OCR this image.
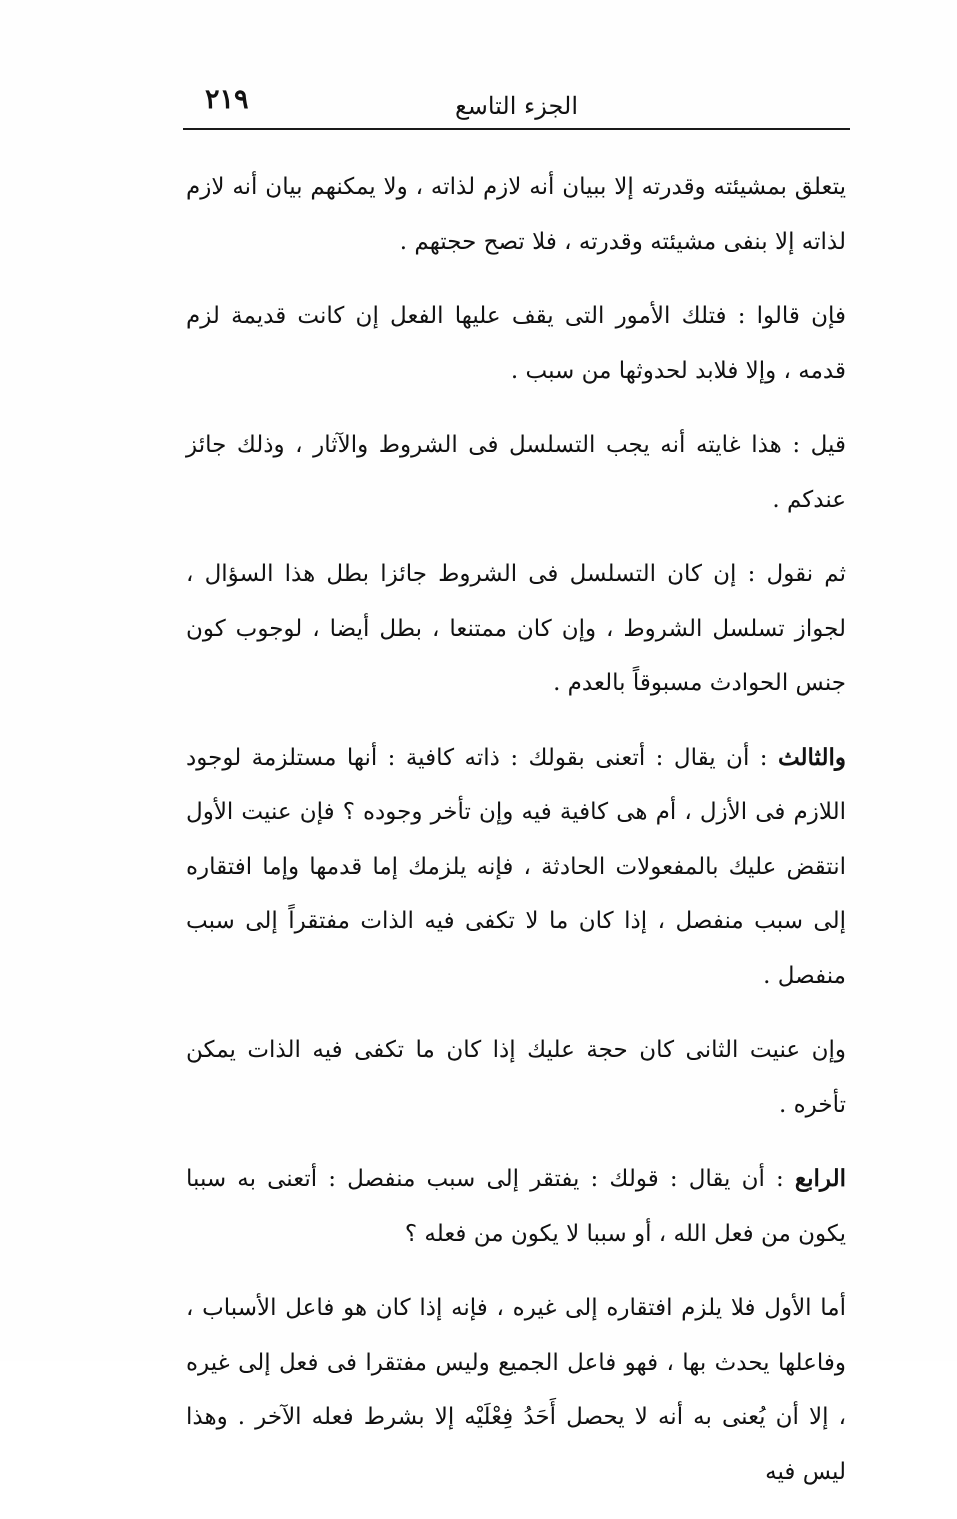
٢١٩	الجزء التاسع

يتعلق بمشيئته وقدرته إلا ببيان أنه لازم لذاته ، ولا يمكنهم بيان أنه لازم لذاته إلا بنفى مشيئته وقدرته ، فلا تصح حجتهم .

فإن قالوا : فتلك الأمور التى يقف عليها الفعل إن كانت قديمة لزم قدمه ، وإلا فلابد لحدوثها من سبب .

قيل : هذا غايته أنه يجب التسلسل فى الشروط والآثار ، وذلك جائز عندكم .

ثم نقول : إن كان التسلسل فى الشروط جائزا بطل هذا السؤال ، لجواز تسلسل الشروط ، وإن كان ممتنعا ، بطل أيضا ، لوجوب كون جنس الحوادث مسبوقاً بالعدم .

والثالث : أن يقال : أتعنى بقولك : ذاته كافية : أنها مستلزمة لوجود اللازم فى الأزل ، أم هى كافية فيه وإن تأخر وجوده ؟ فإن عنيت الأول انتقض عليك بالمفعولات الحادثة ، فإنه يلزمك إما قدمها وإما افتقاره إلى سبب منفصل ، إذا كان ما لا تكفى فيه الذات مفتقراً إلى سبب منفصل .

وإن عنيت الثانى كان حجة عليك إذا كان ما تكفى فيه الذات يمكن تأخره .

الرابع : أن يقال : قولك : يفتقر إلى سبب منفصل : أتعنى به سببا يكون من فعل الله ، أو سببا لا يكون من فعله ؟

أما الأول فلا يلزم افتقاره إلى غيره ، فإنه إذا كان هو فاعل الأسباب ، وفاعلها يحدث بها ، فهو فاعل الجميع وليس مفتقرا فى فعل إلى غيره ، إلا أن يُعنى به أنه لا يحصل أَحَدُ فِعْلَيْه إلا بشرط فعله الآخر . وهذا ليس فيه
